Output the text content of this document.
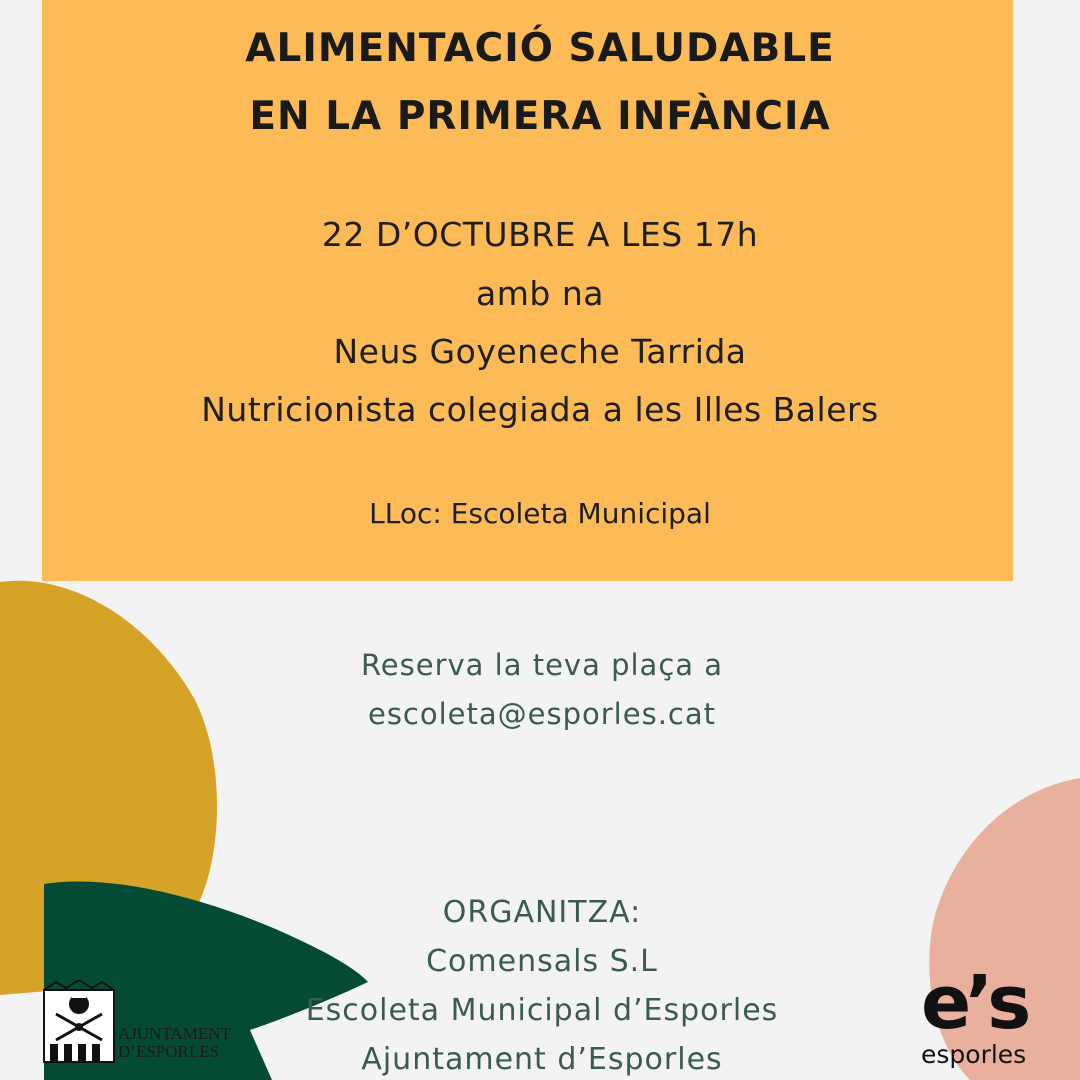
ALIMENTACIÓ SALUDABLE
EN LA PRIMERA INFÀNCIA
22 D’OCTUBRE A LES 17h
amb na
Neus Goyeneche Tarrida
Nutricionista colegiada a les Illes Balers
LLoc: Escoleta Municipal
Reserva la teva plaça a
escoleta@esporles.cat
ORGANITZA:
Comensals S.L
Escoleta Municipal d’Esporles
Ajuntament d’Esporles
AJUNTAMENT
D’ESPORLES
e’s
esporles
